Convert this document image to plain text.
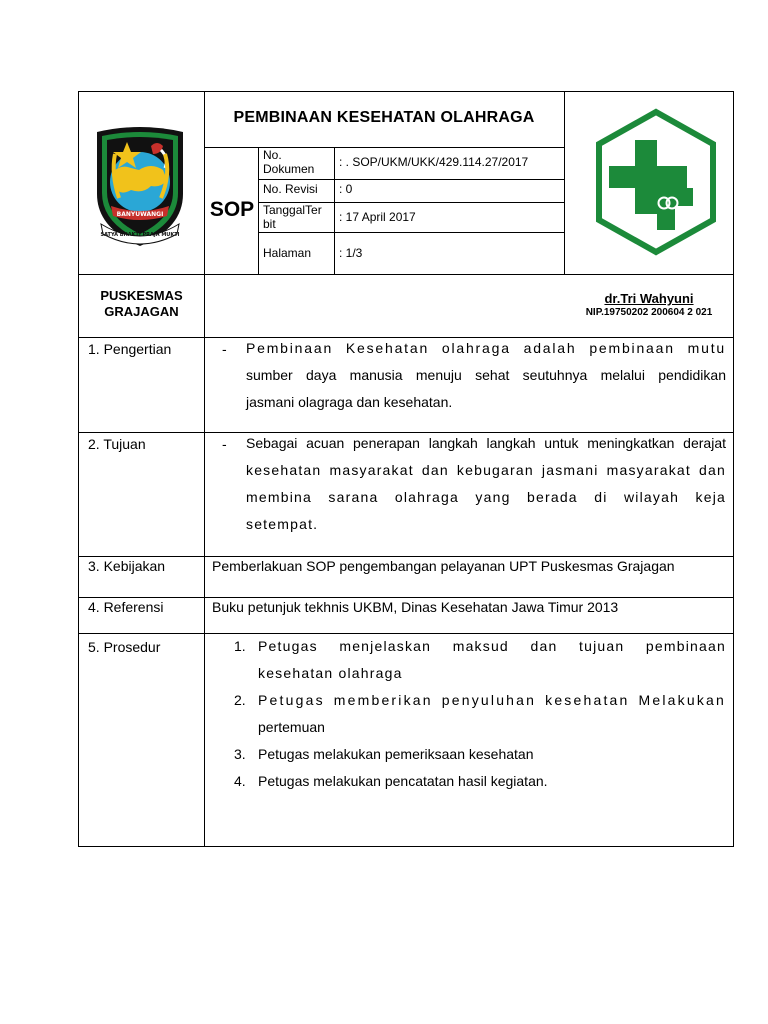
BANYUWANGI
SATYA BHAKTI PRAJA MUKTI
PEMBINAAN KESEHATAN OLAHRAGA
SOP
No. Dokumen	: . SOP/UKM/UKK/429.114.27/2017
No. Revisi : 0
TanggalTer bit	: 17 April 2017
Halaman : 1/3
PUSKESMAS
GRAJAGAN
dr.Tri Wahyuni
NIP.19750202 200604 2 021
1. Pengertian	- Pembinaan Kesehatan olahraga adalah pembinaan mutu
sumber daya manusia menuju sehat seutuhnya melalui pendidikan
jasmani olagraga dan kesehatan.
2. Tujuan	- Sebagai acuan penerapan langkah langkah untuk meningkatkan derajat
kesehatan masyarakat dan kebugaran jasmani masyarakat dan
membina sarana olahraga yang berada di wilayah keja
setempat.
3. Kebijakan	Pemberlakuan SOP pengembangan pelayanan UPT Puskesmas Grajagan
4. Referensi	Buku petunjuk tekhnis UKBM, Dinas Kesehatan Jawa Timur 2013
5. Prosedur	1. Petugas menjelaskan maksud dan tujuan pembinaan
kesehatan olahraga
2. Petugas memberikan penyuluhan kesehatan Melakukan
pertemuan
3. Petugas melakukan pemeriksaan kesehatan
4. Petugas melakukan pencatatan hasil kegiatan.
